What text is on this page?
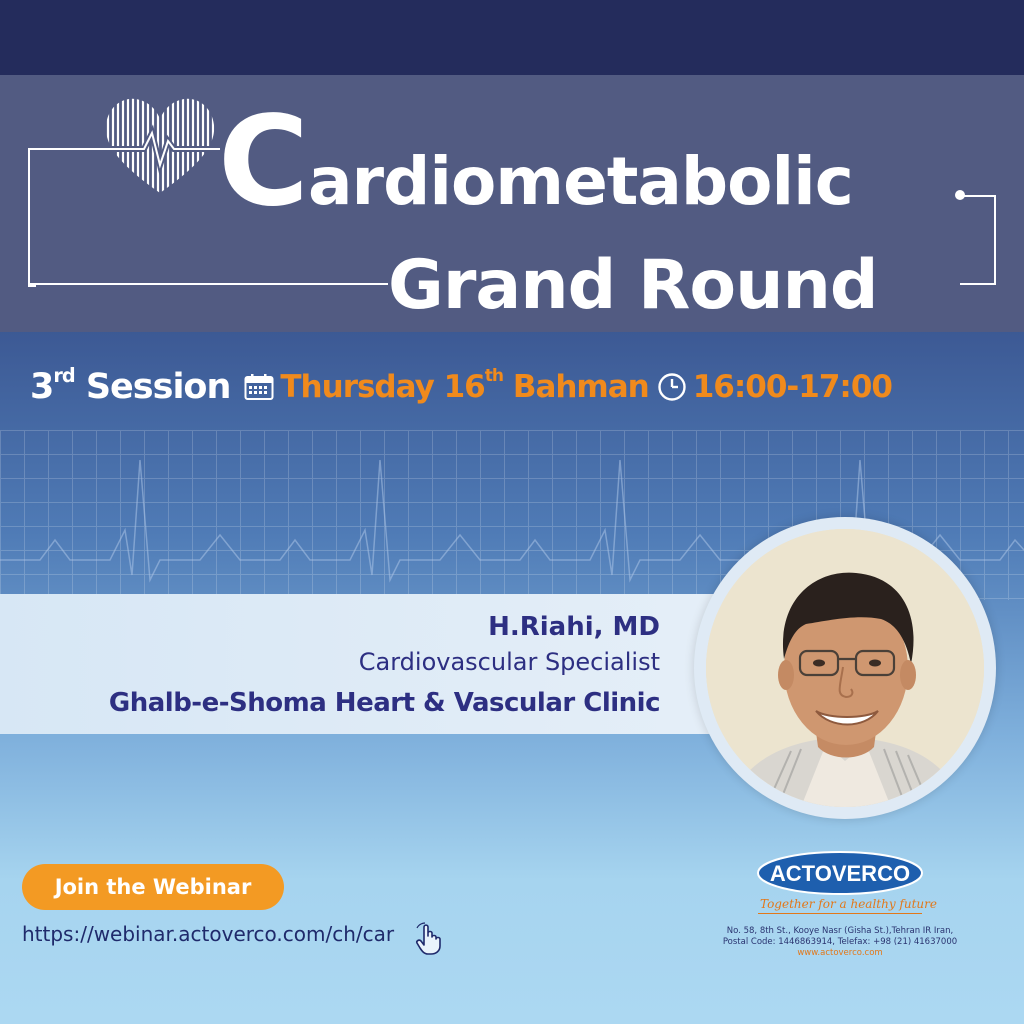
Cardiometabolic
Grand Round
3rd Session Thursday 16th Bahman 16:00-17:00
H.Riahi, MD
Cardiovascular Specialist
Ghalb-e-Shoma Heart & Vascular Clinic
Join the Webinar
https://webinar.actoverco.com/ch/car
ACTOVERCO
Together for a healthy future
No. 58, 8th St., Kooye Nasr (Gisha St.),Tehran IR Iran,
Postal Code: 1446863914, Telefax: +98 (21) 41637000
www.actoverco.com
